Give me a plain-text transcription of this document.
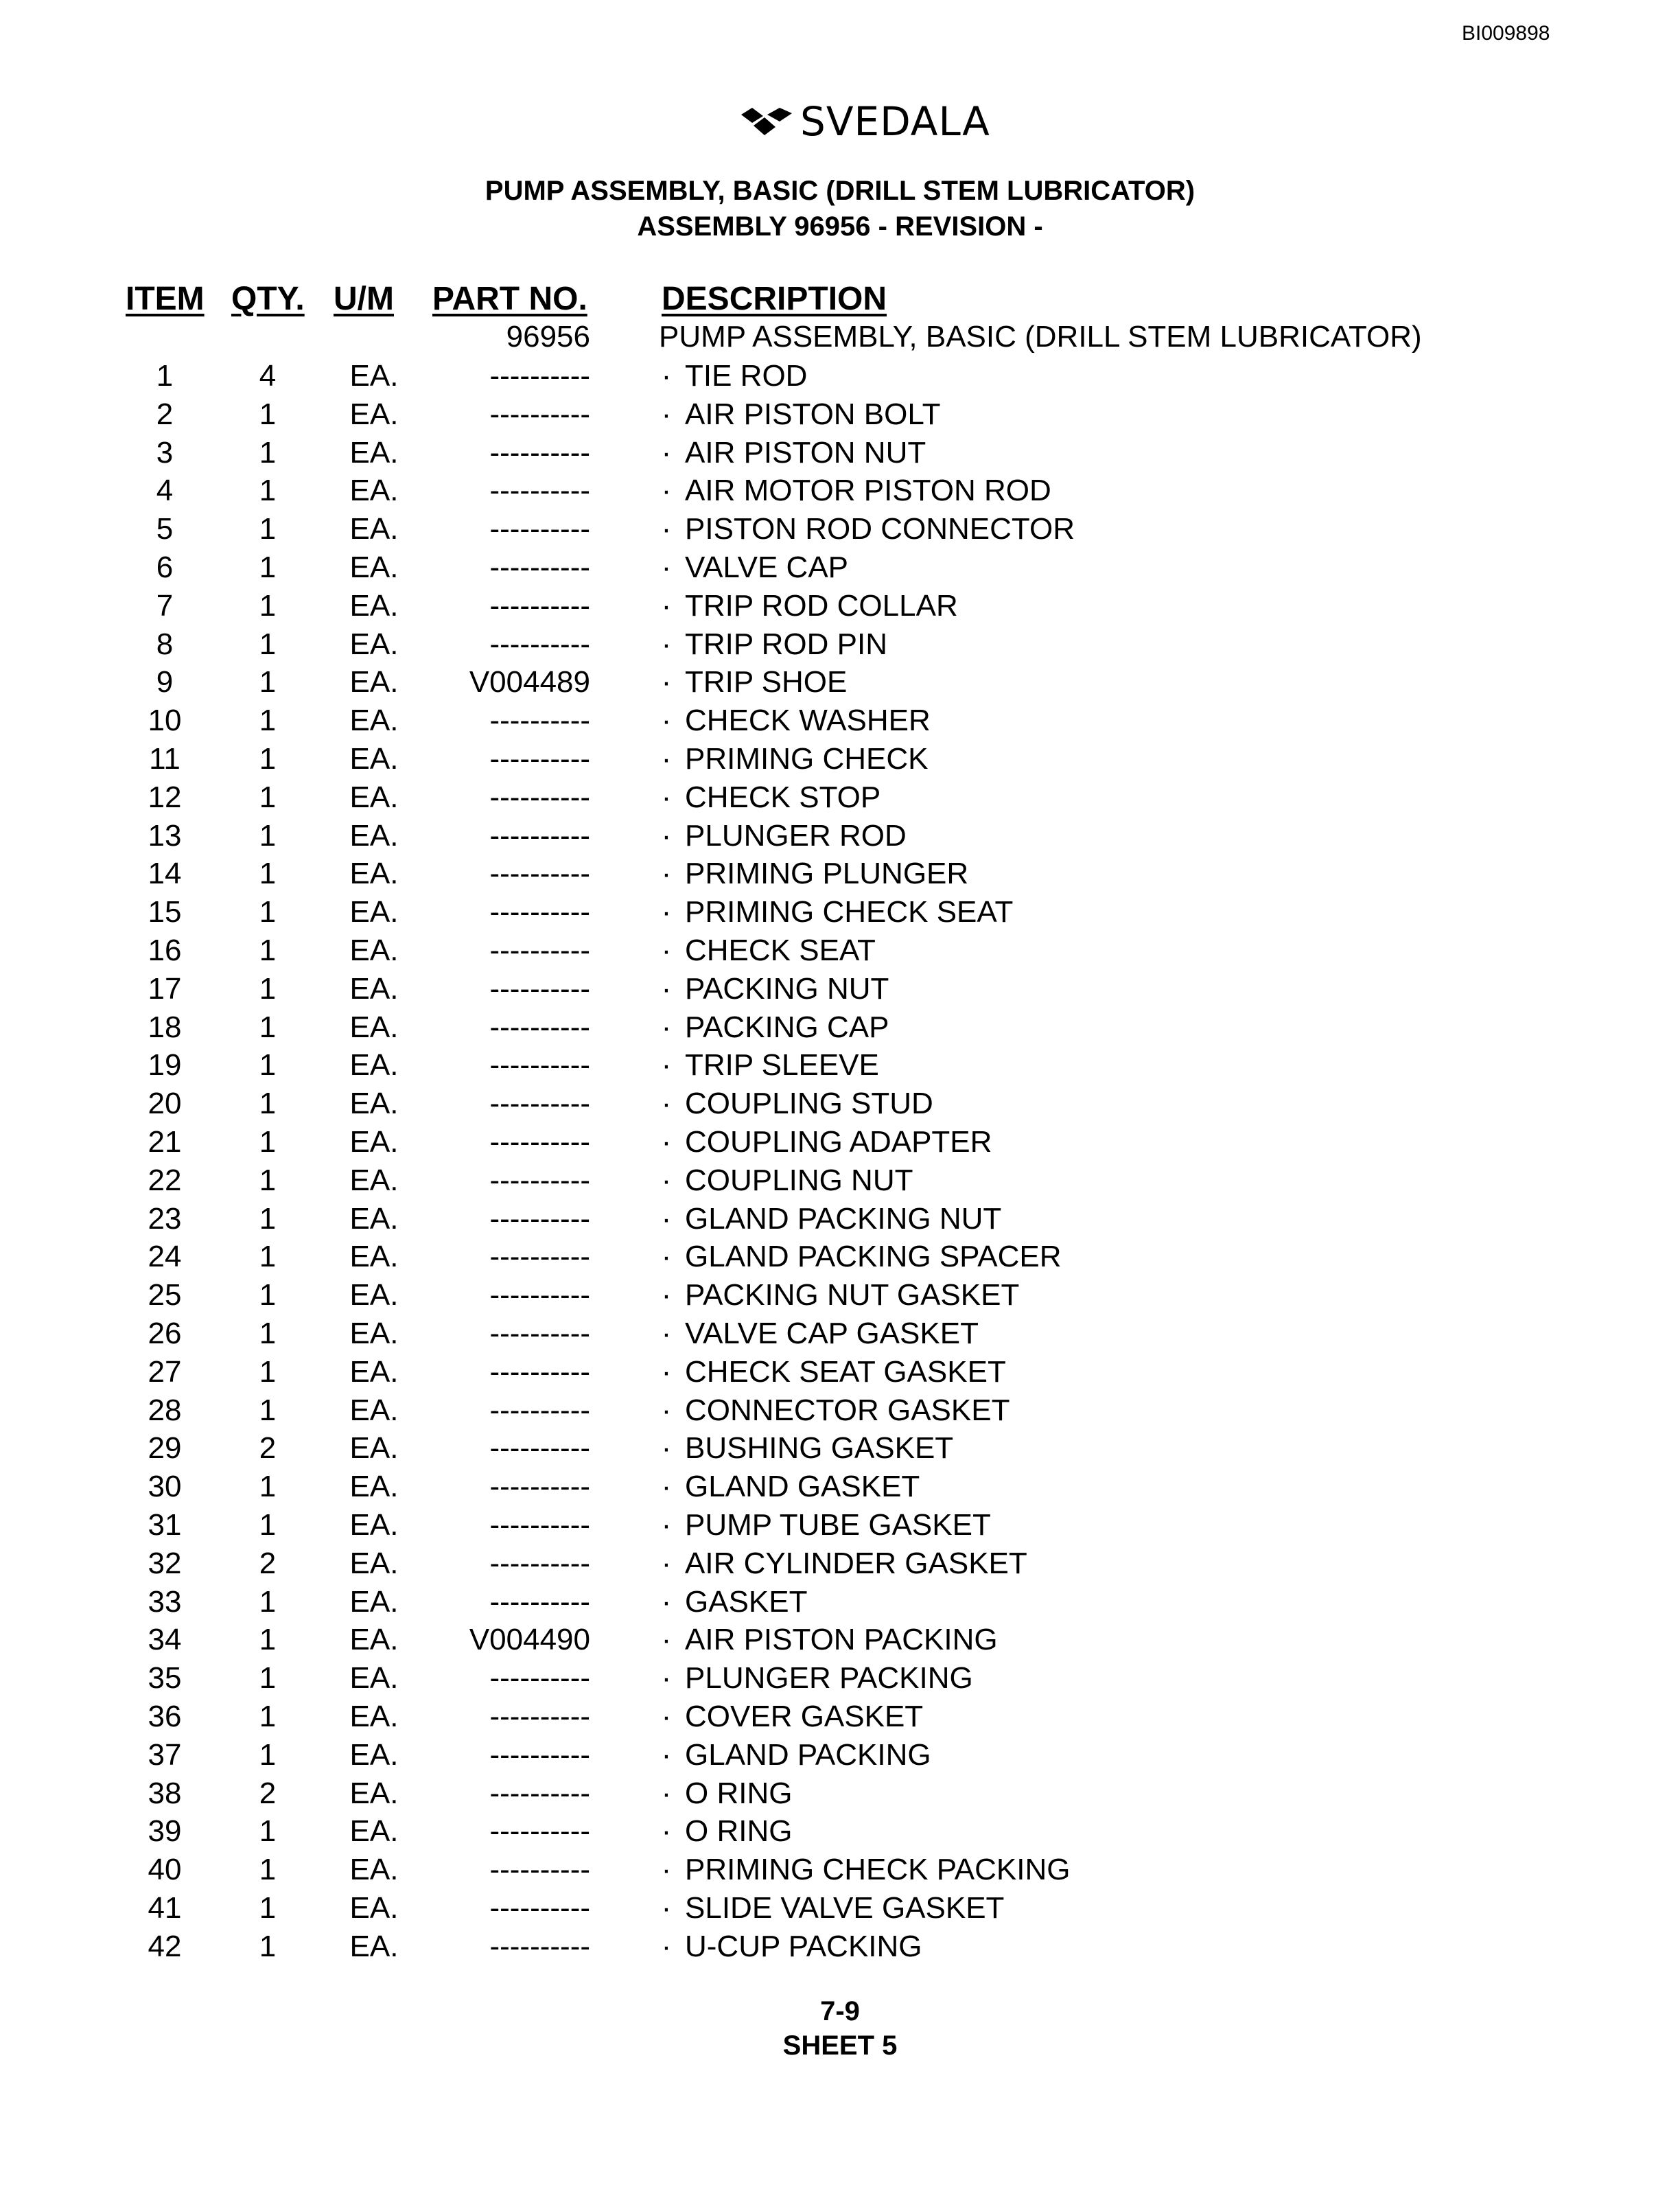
BI009898
SVEDALA
PUMP ASSEMBLY, BASIC (DRILL STEM LUBRICATOR)
ASSEMBLY 96956 - REVISION -
ITEM QTY. U/M PART NO. DESCRIPTION
96956 PUMP ASSEMBLY, BASIC (DRILL STEM LUBRICATOR)
1	4	EA.	---------- · TIE ROD
2	1	EA.	---------- · AIR PISTON BOLT
3	1	EA.	---------- · AIR PISTON NUT
4	1	EA.	---------- · AIR MOTOR PISTON ROD
5	1	EA.	---------- · PISTON ROD CONNECTOR
6	1	EA.	---------- · VALVE CAP
7	1	EA.	---------- · TRIP ROD COLLAR
8	1	EA.	---------- · TRIP ROD PIN
9	1	EA.	V004489 · TRIP SHOE
10	1	EA.	---------- · CHECK WASHER
11	1	EA.	---------- · PRIMING CHECK
12	1	EA.	---------- · CHECK STOP
13	1	EA.	---------- · PLUNGER ROD
14	1	EA.	---------- · PRIMING PLUNGER
15	1	EA.	---------- · PRIMING CHECK SEAT
16	1	EA.	---------- · CHECK SEAT
17	1	EA.	---------- · PACKING NUT
18	1	EA.	---------- · PACKING CAP
19	1	EA.	---------- · TRIP SLEEVE
20	1	EA.	---------- · COUPLING STUD
21	1	EA.	---------- · COUPLING ADAPTER
22	1	EA.	---------- · COUPLING NUT
23	1	EA.	---------- · GLAND PACKING NUT
24	1	EA.	---------- · GLAND PACKING SPACER
25	1	EA.	---------- · PACKING NUT GASKET
26	1	EA.	---------- · VALVE CAP GASKET
27	1	EA.	---------- · CHECK SEAT GASKET
28	1	EA.	---------- · CONNECTOR GASKET
29	2	EA.	---------- · BUSHING GASKET
30	1	EA.	---------- · GLAND GASKET
31	1	EA.	---------- · PUMP TUBE GASKET
32	2	EA.	---------- · AIR CYLINDER GASKET
33	1	EA.	---------- · GASKET
34	1	EA.	V004490 · AIR PISTON PACKING
35	1	EA.	---------- · PLUNGER PACKING
36	1	EA.	---------- · COVER GASKET
37	1	EA.	---------- · GLAND PACKING
38	2	EA.	---------- · O RING
39	1	EA.	---------- · O RING
40	1	EA.	---------- · PRIMING CHECK PACKING
41	1	EA.	---------- · SLIDE VALVE GASKET
42	1	EA.	---------- · U-CUP PACKING
7-9
SHEET 5
